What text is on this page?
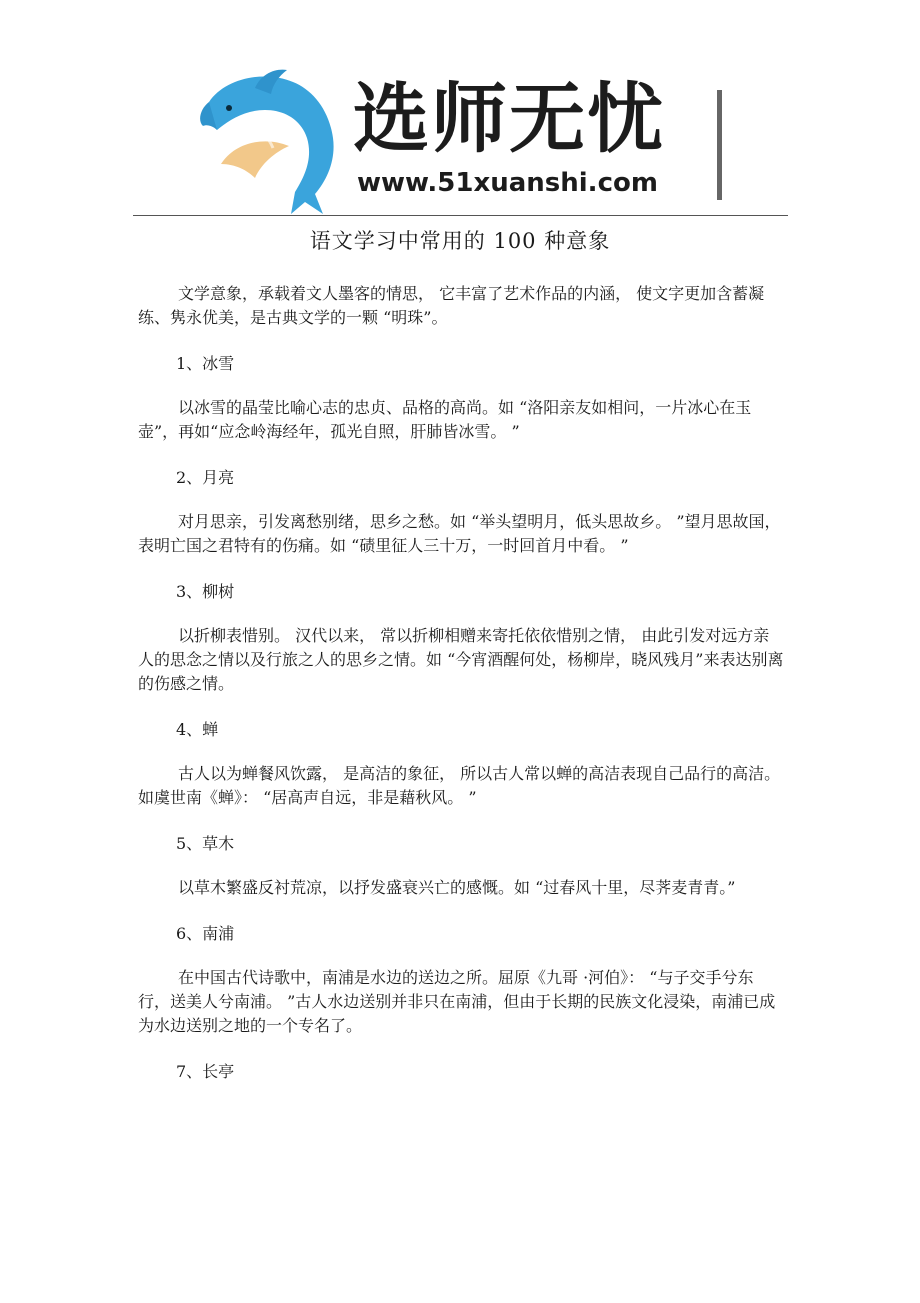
选师无忧
www.51xuanshi.com
语文学习中常用的 100 种意象

文学意象，承载着文人墨客的情思， 它丰富了艺术作品的内涵， 使文字更加含蓄凝练、隽永优美，是古典文学的一颗 “明珠”。

1、冰雪

以冰雪的晶莹比喻心志的忠贞、品格的高尚。如 “洛阳亲友如相问，一片冰心在玉壶”，再如“应念岭海经年，孤光自照，肝肺皆冰雪。 ”

2、月亮

对月思亲，引发离愁别绪，思乡之愁。如 “举头望明月，低头思故乡。 ”望月思故国，表明亡国之君特有的伤痛。如 “碛里征人三十万，一时回首月中看。 ”

3、柳树

以折柳表惜别。 汉代以来， 常以折柳相赠来寄托依依惜别之情， 由此引发对远方亲人的思念之情以及行旅之人的思乡之情。如 “今宵酒醒何处，杨柳岸，晓风残月”来表达别离的伤感之情。

4、蝉

古人以为蝉餐风饮露， 是高洁的象征， 所以古人常以蝉的高洁表现自己品行的高洁。如虞世南《蝉》： “居高声自远，非是藉秋风。 ”

5、草木

以草木繁盛反衬荒凉，以抒发盛衰兴亡的感慨。如 “过春风十里，尽荠麦青青。”

6、南浦

在中国古代诗歌中，南浦是水边的送边之所。屈原《九哥 ·河伯》： “与子交手兮东行，送美人兮南浦。 ”古人水边送别并非只在南浦，但由于长期的民族文化浸染，南浦已成为水边送别之地的一个专名了。

7、长亭
